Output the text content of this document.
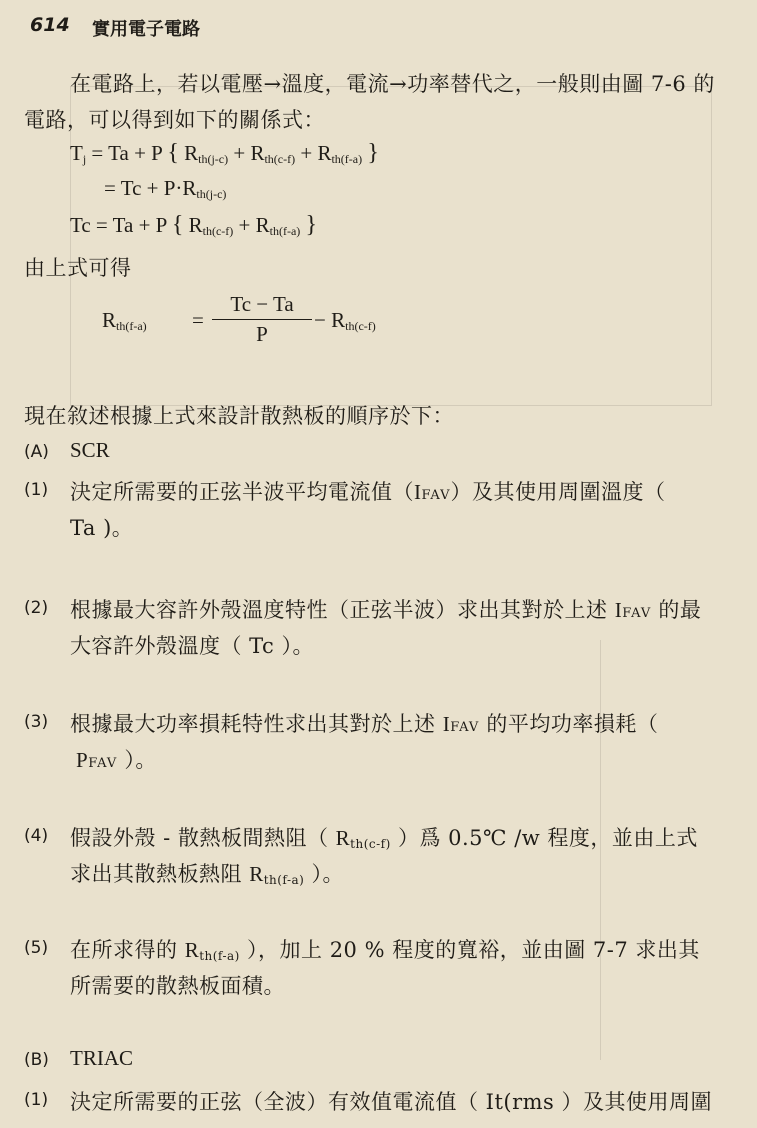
614 實用電子電路
在電路上，若以電壓→溫度，電流→功率替代之，一般則由圖 7-6 的
電路，可以得到如下的關係式：
$T_j = Ta + P$ { $R_{th(j-c)} + R_{th(c-f)} + R_{th(f-a)}$ }
= $Tc + P\cdot R_{th(j-c)}$
Tc = Ta + P { $R_{th(c-f)} + R_{th(f-a)}$ }
由上式可得
$R_{th(f-a)}$ =
Tc − Ta
P
− $R_{th(c-f)}$
現在敘述根據上式來設計散熱板的順序於下：
(A) SCR
(1) 決定所需要的正弦半波平均電流值（IFAV）及其使用周圍溫度（
Ta )。
(2) 根據最大容許外殼溫度特性（正弦半波）求出其對於上述 IFAV 的最
大容許外殼溫度（ Tc ）。
(3) 根據最大功率損耗特性求出其對於上述 IFAV 的平均功率損耗（
PFAV ）。
(4) 假設外殼 - 散熱板間熱阻（ $R_{th(c-f)}$ ）爲 0.5℃ /w 程度，並由上式
求出其散熱板熱阻 $R_{th(f-a)}$ ）。
(5) 在所求得的 $R_{th(f-a)}$ ），加上 20 % 程度的寬裕，並由圖 7-7 求出其
所需要的散熱板面積。
(B) TRIAC
(1) 決定所需要的正弦（全波）有效值電流值（ It(rms ）及其使用周圍
